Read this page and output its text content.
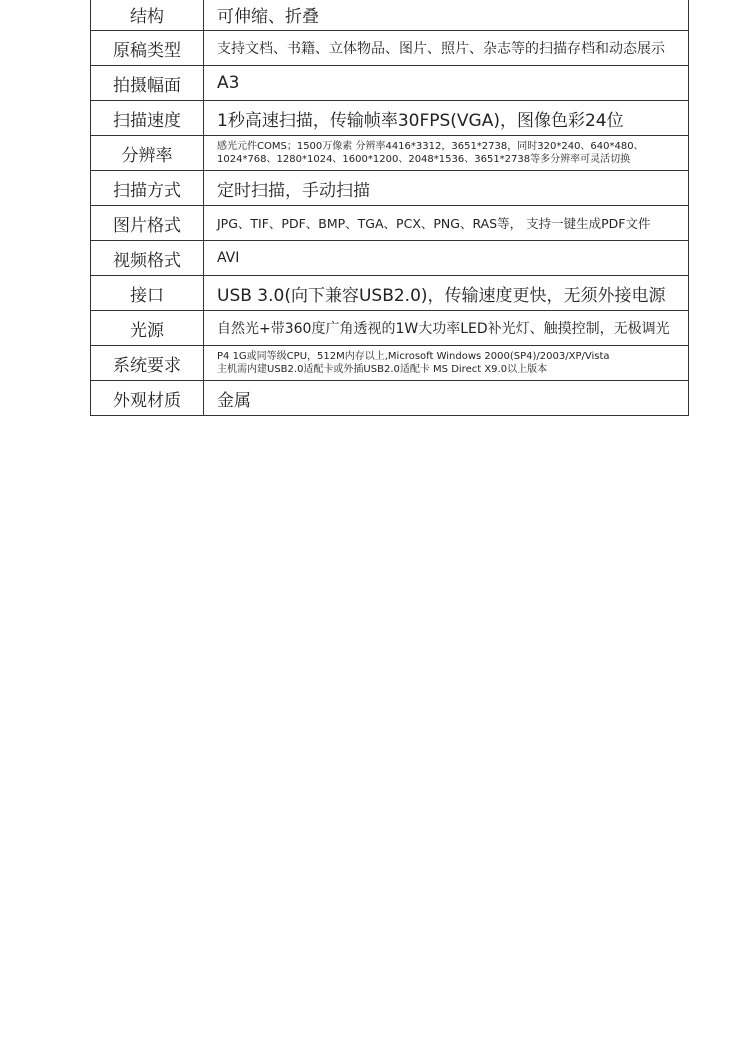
结构	可伸缩、折叠
原稿类型	支持文档、书籍、立体物品、图片、照片、杂志等的扫描存档和动态展示
拍摄幅面	A3
扫描速度	1秒高速扫描，传输帧率30FPS(VGA)，图像色彩24位
分辨率	感光元件COMS；1500万像素 分辨率4416*3312，3651*2738，同时320*240、640*480、
1024*768、1280*1024、1600*1200、2048*1536、3651*2738等多分辨率可灵活切换

扫描方式	定时扫描，手动扫描
图片格式	JPG、TIF、PDF、BMP、TGA、PCX、PNG、RAS等， 支持一键生成PDF文件
视频格式	AVI
接口	USB 3.0(向下兼容USB2.0)，传输速度更快，无须外接电源
光源	自然光+带360度广角透视的1W大功率LED补光灯、触摸控制，无极调光
系统要求	P4 1G或同等级CPU，512M内存以上,Microsoft Windows 2000(SP4)/2003/XP/Vista
主机需内建USB2.0适配卡或外插USB2.0适配卡 MS Direct X9.0以上版本

外观材质	金属
